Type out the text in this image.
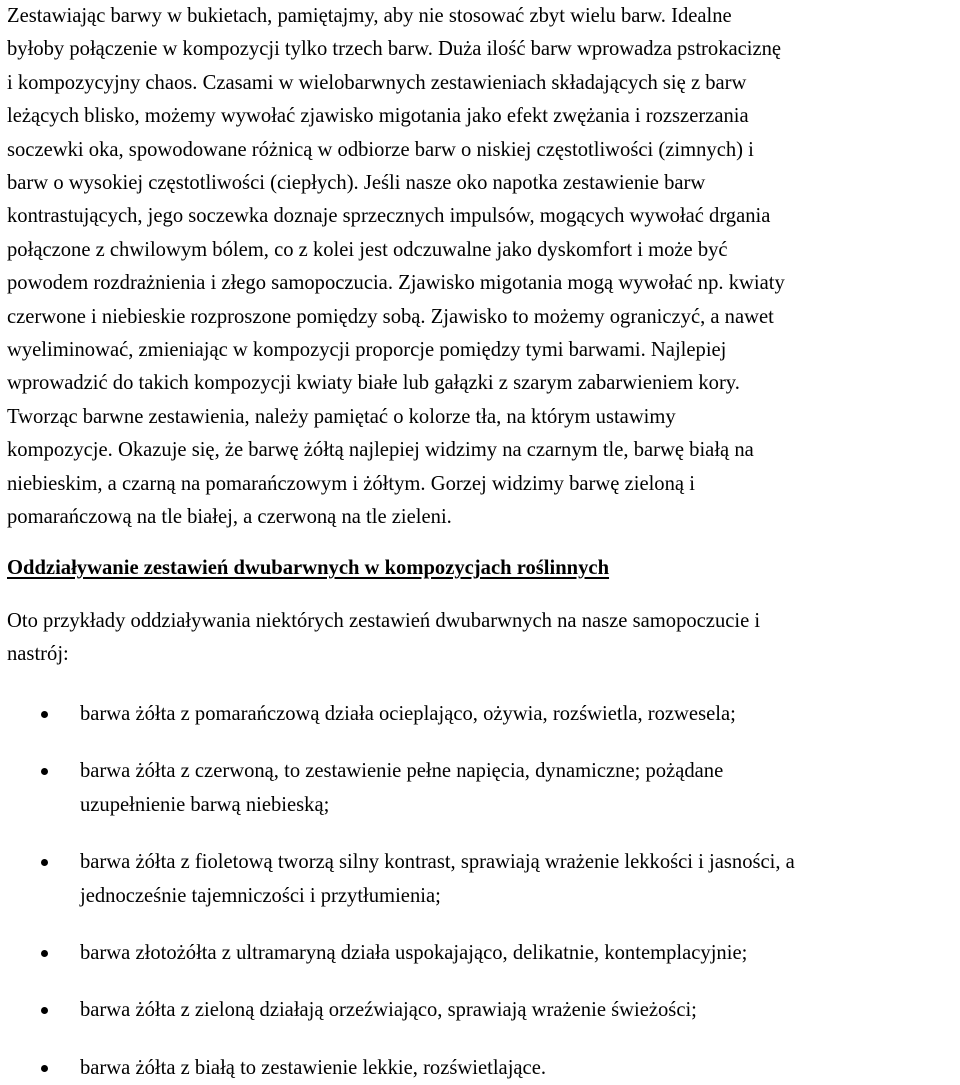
Zestawiając barwy w bukietach, pamiętajmy, aby nie stosować zbyt wielu barw. Idealne
byłoby połączenie w kompozycji tylko trzech barw. Duża ilość barw wprowadza pstrokaciznę
i kompozycyjny chaos. Czasami w wielobarwnych zestawieniach składających się z barw
leżących blisko, możemy wywołać zjawisko migotania jako efekt zwężania i rozszerzania
soczewki oka, spowodowane różnicą w odbiorze barw o niskiej częstotliwości (zimnych) i
barw o wysokiej częstotliwości (ciepłych). Jeśli nasze oko napotka zestawienie barw
kontrastujących, jego soczewka doznaje sprzecznych impulsów, mogących wywołać drgania
połączone z chwilowym bólem, co z kolei jest odczuwalne jako dyskomfort i może być
powodem rozdrażnienia i złego samopoczucia. Zjawisko migotania mogą wywołać np. kwiaty
czerwone i niebieskie rozproszone pomiędzy sobą. Zjawisko to możemy ograniczyć, a nawet
wyeliminować, zmieniając w kompozycji proporcje pomiędzy tymi barwami. Najlepiej
wprowadzić do takich kompozycji kwiaty białe lub gałązki z szarym zabarwieniem kory.
Tworząc barwne zestawienia, należy pamiętać o kolorze tła, na którym ustawimy
kompozycje. Okazuje się, że barwę żółtą najlepiej widzimy na czarnym tle, barwę białą na
niebieskim, a czarną na pomarańczowym i żółtym. Gorzej widzimy barwę zieloną i
pomarańczową na tle białej, a czerwoną na tle zieleni.

Oddziaływanie zestawień dwubarwnych w kompozycjach roślinnych

Oto przykłady oddziaływania niektórych zestawień dwubarwnych na nasze samopoczucie i
nastrój:

barwa żółta z pomarańczową działa ocieplająco, ożywia, rozświetla, rozwesela;
barwa żółta z czerwoną, to zestawienie pełne napięcia, dynamiczne; pożądane
uzupełnienie barwą niebieską;
barwa żółta z fioletową tworzą silny kontrast, sprawiają wrażenie lekkości i jasności, a
jednocześnie tajemniczości i przytłumienia;
barwa złotożółta z ultramaryną działa uspokajająco, delikatnie, kontemplacyjnie;
barwa żółta z zieloną działają orzeźwiająco, sprawiają wrażenie świeżości;
barwa żółta z białą to zestawienie lekkie, rozświetlające.
